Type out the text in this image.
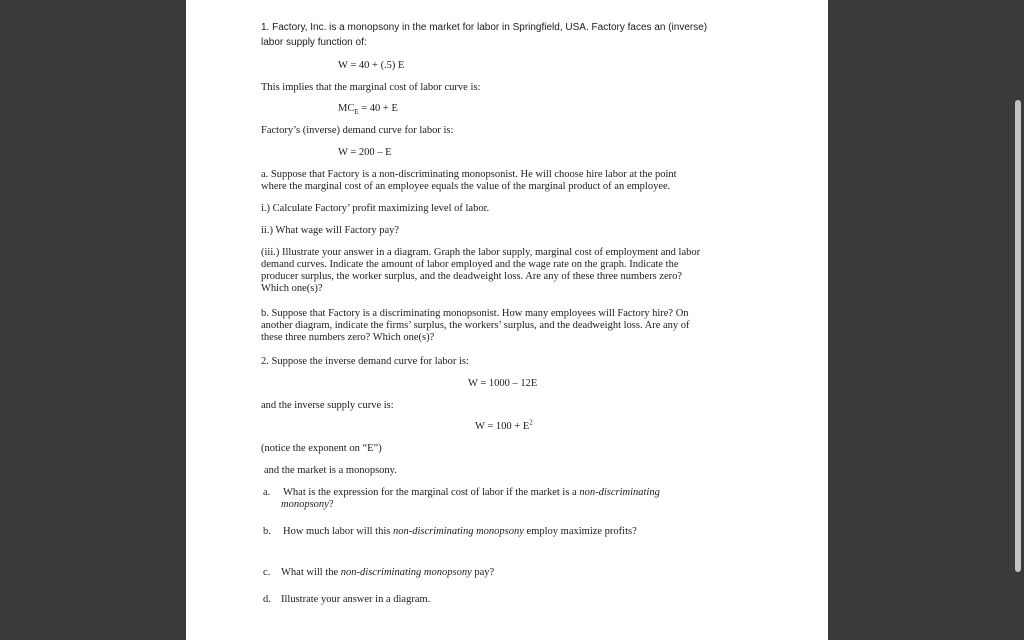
1. Factory, Inc. is a monopsony in the market for labor in Springfield, USA. Factory faces an (inverse)
labor supply function of:
W = 40 + (.5) E
This implies that the marginal cost of labor curve is:
$MC_E = 40 + E$
Factory’s (inverse) demand curve for labor is:
W = 200 – E
a. Suppose that Factory is a non-discriminating monopsonist. He will choose hire labor at the point
where the marginal cost of an employee equals the value of the marginal product of an employee.
i.) Calculate Factory’ profit maximizing level of labor.
ii.) What wage will Factory pay?
(iii.) Illustrate your answer in a diagram. Graph the labor supply, marginal cost of employment and labor
demand curves. Indicate the amount of labor employed and the wage rate on the graph. Indicate the
producer surplus, the worker surplus, and the deadweight loss. Are any of these three numbers zero?
Which one(s)?
b. Suppose that Factory is a discriminating monopsonist. How many employees will Factory hire? On
another diagram, indicate the firms’ surplus, the workers’ surplus, and the deadweight loss. Are any of
these three numbers zero? Which one(s)?
2. Suppose the inverse demand curve for labor is:
W = 1000 – 12E
and the inverse supply curve is:
$W = 100 + E^2$
(notice the exponent on “E”)
and the market is a monopsony.
a. What is the expression for the marginal cost of labor if the market is a non-discriminating
monopsony?
b. How much labor will this non-discriminating monopsony employ maximize profits?
c. What will the non-discriminating monopsony pay?
d. Illustrate your answer in a diagram.
